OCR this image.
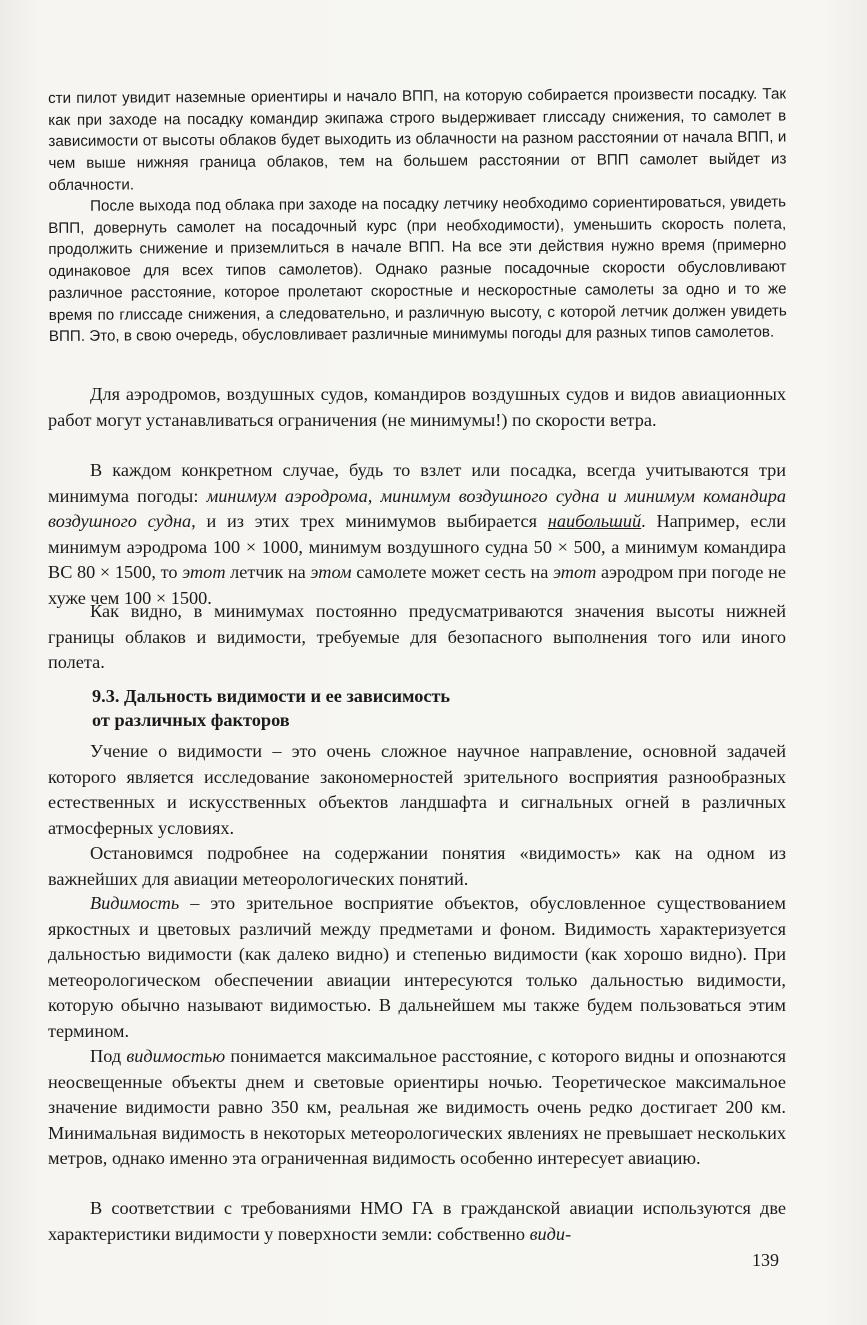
сти пилот увидит наземные ориентиры и начало ВПП, на которую собирается произвести посадку. Так как при заходе на посадку командир экипажа строго выдерживает глиссаду снижения, то самолет в зависимости от высоты облаков будет выходить из облачности на разном расстоянии от начала ВПП, и чем выше нижняя граница облаков, тем на большем расстоянии от ВПП самолет выйдет из облачности.

После выхода под облака при заходе на посадку летчику необходимо сориентироваться, увидеть ВПП, довернуть самолет на посадочный курс (при необходимости), уменьшить скорость полета, продолжить снижение и приземлиться в начале ВПП. На все эти действия нужно время (примерно одинаковое для всех типов самолетов). Однако разные посадочные скорости обусловливают различное расстояние, которое пролетают скоростные и нескоростные самолеты за одно и то же время по глиссаде снижения, а следовательно, и различную высоту, с которой летчик должен увидеть ВПП. Это, в свою очередь, обусловливает различные минимумы погоды для разных типов самолетов.

Для аэродромов, воздушных судов, командиров воздушных судов и видов авиационных работ могут устанавливаться ограничения (не минимумы!) по скорости ветра.

В каждом конкретном случае, будь то взлет или посадка, всегда учитываются три минимума погоды: минимум аэродрома, минимум воздушного судна и минимум командира воздушного судна, и из этих трех минимумов выбирается наибольший. Например, если минимум аэродрома 100 × 1000, минимум воздушного судна 50 × 500, а минимум командира ВС 80 × 1500, то этот летчик на этом самолете может сесть на этот аэродром при погоде не хуже чем 100 × 1500.

Как видно, в минимумах постоянно предусматриваются значения высоты нижней границы облаков и видимости, требуемые для безопасного выполнения того или иного полета.

9.3. Дальность видимости и ее зависимость
от различных факторов

Учение о видимости – это очень сложное научное направление, основной задачей которого является исследование закономерностей зрительного восприятия разнообразных естественных и искусственных объектов ландшафта и сигнальных огней в различных атмосферных условиях.

Остановимся подробнее на содержании понятия «видимость» как на одном из важнейших для авиации метеорологических понятий.

Видимость – это зрительное восприятие объектов, обусловленное существованием яркостных и цветовых различий между предметами и фоном. Видимость характеризуется дальностью видимости (как далеко видно) и степенью видимости (как хорошо видно). При метеорологическом обеспечении авиации интересуются только дальностью видимости, которую обычно называют видимостью. В дальнейшем мы также будем пользоваться этим термином.

Под видимостью понимается максимальное расстояние, с которого видны и опознаются неосвещенные объекты днем и световые ориентиры ночью. Теоретическое максимальное значение видимости равно 350 км, реальная же видимость очень редко достигает 200 км. Минимальная видимость в некоторых метеорологических явлениях не превышает нескольких метров, однако именно эта ограниченная видимость особенно интересует авиацию.

В соответствии с требованиями НМО ГА в гражданской авиации используются две характеристики видимости у поверхности земли: собственно види-

139
